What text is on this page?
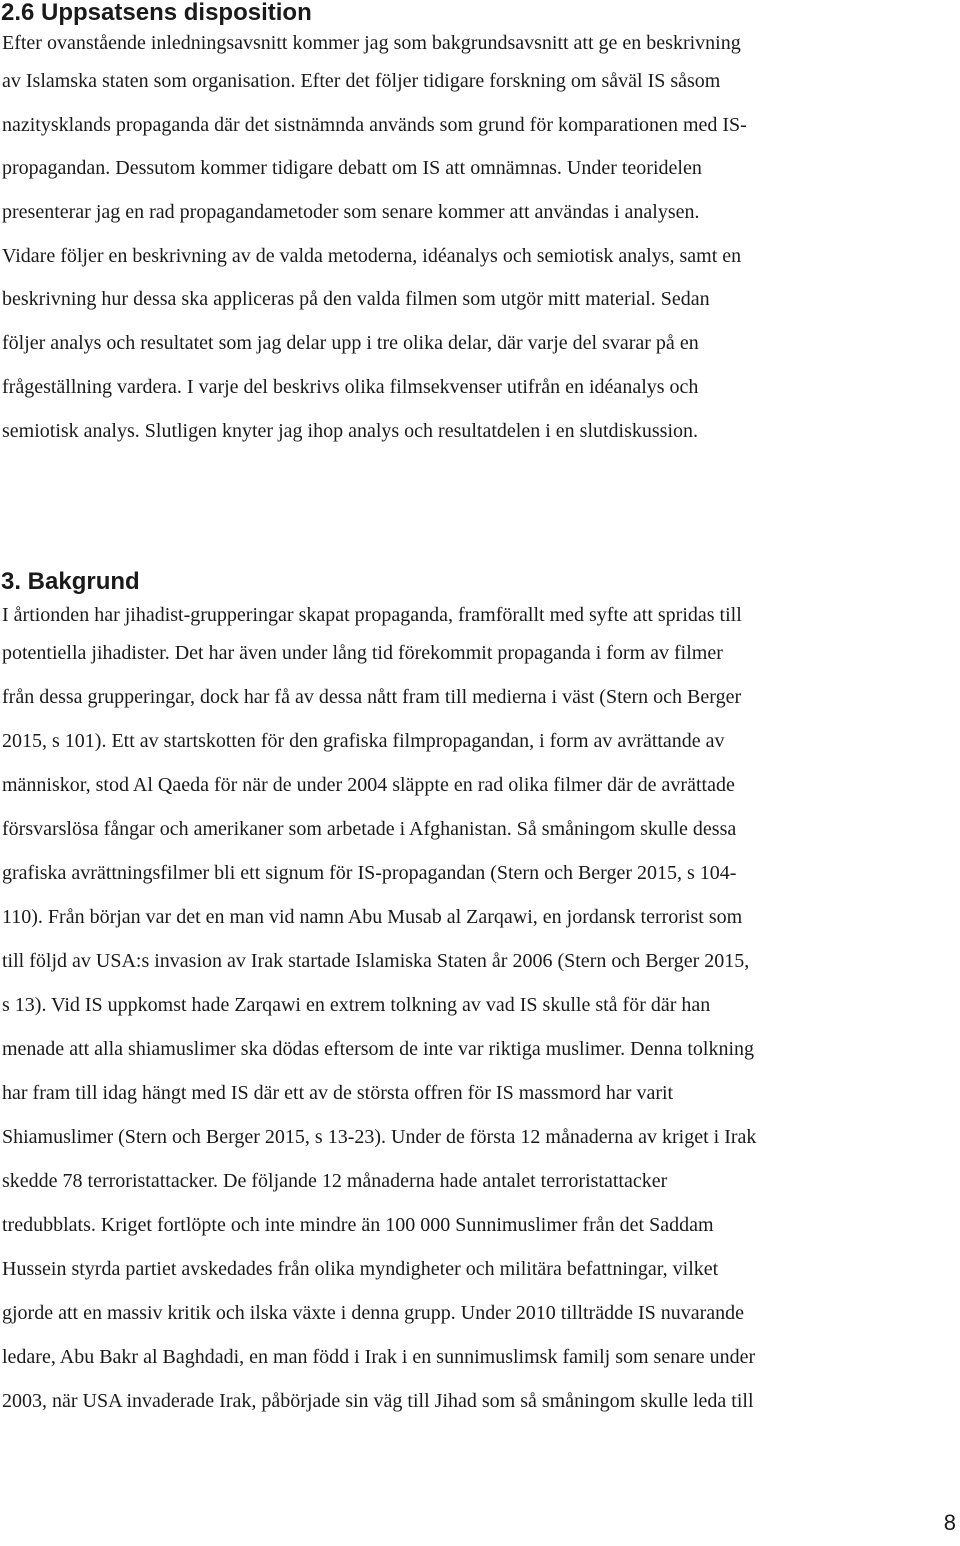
2.6 Uppsatsens disposition
Efter ovanstående inledningsavsnitt kommer jag som bakgrundsavsnitt att ge en beskrivning
av Islamska staten som organisation. Efter det följer tidigare forskning om såväl IS såsom
nazitysklands propaganda där det sistnämnda används som grund för komparationen med IS-
propagandan. Dessutom kommer tidigare debatt om IS att omnämnas. Under teoridelen
presenterar jag en rad propagandametoder som senare kommer att användas i analysen.
Vidare följer en beskrivning av de valda metoderna, idéanalys och semiotisk analys, samt en
beskrivning hur dessa ska appliceras på den valda filmen som utgör mitt material. Sedan
följer analys och resultatet som jag delar upp i tre olika delar, där varje del svarar på en
frågeställning vardera. I varje del beskrivs olika filmsekvenser utifrån en idéanalys och
semiotisk analys. Slutligen knyter jag ihop analys och resultatdelen i en slutdiskussion.
3. Bakgrund
I årtionden har jihadist-grupperingar skapat propaganda, framförallt med syfte att spridas till
potentiella jihadister. Det har även under lång tid förekommit propaganda i form av filmer
från dessa grupperingar, dock har få av dessa nått fram till medierna i väst (Stern och Berger
2015, s 101). Ett av startskotten för den grafiska filmpropagandan, i form av avrättande av
människor, stod Al Qaeda för när de under 2004 släppte en rad olika filmer där de avrättade
försvarslösa fångar och amerikaner som arbetade i Afghanistan. Så småningom skulle dessa
grafiska avrättningsfilmer bli ett signum för IS-propagandan (Stern och Berger 2015, s 104-
110). Från början var det en man vid namn Abu Musab al Zarqawi, en jordansk terrorist som
till följd av USA:s invasion av Irak startade Islamiska Staten år 2006 (Stern och Berger 2015,
s 13). Vid IS uppkomst hade Zarqawi en extrem tolkning av vad IS skulle stå för där han
menade att alla shiamuslimer ska dödas eftersom de inte var riktiga muslimer. Denna tolkning
har fram till idag hängt med IS där ett av de största offren för IS massmord har varit
Shiamuslimer (Stern och Berger 2015, s 13-23). Under de första 12 månaderna av kriget i Irak
skedde 78 terroristattacker. De följande 12 månaderna hade antalet terroristattacker
tredubblats. Kriget fortlöpte och inte mindre än 100 000 Sunnimuslimer från det Saddam
Hussein styrda partiet avskedades från olika myndigheter och militära befattningar, vilket
gjorde att en massiv kritik och ilska växte i denna grupp. Under 2010 tillträdde IS nuvarande
ledare, Abu Bakr al Baghdadi, en man född i Irak i en sunnimuslimsk familj som senare under
2003, när USA invaderade Irak, påbörjade sin väg till Jihad som så småningom skulle leda till
8
